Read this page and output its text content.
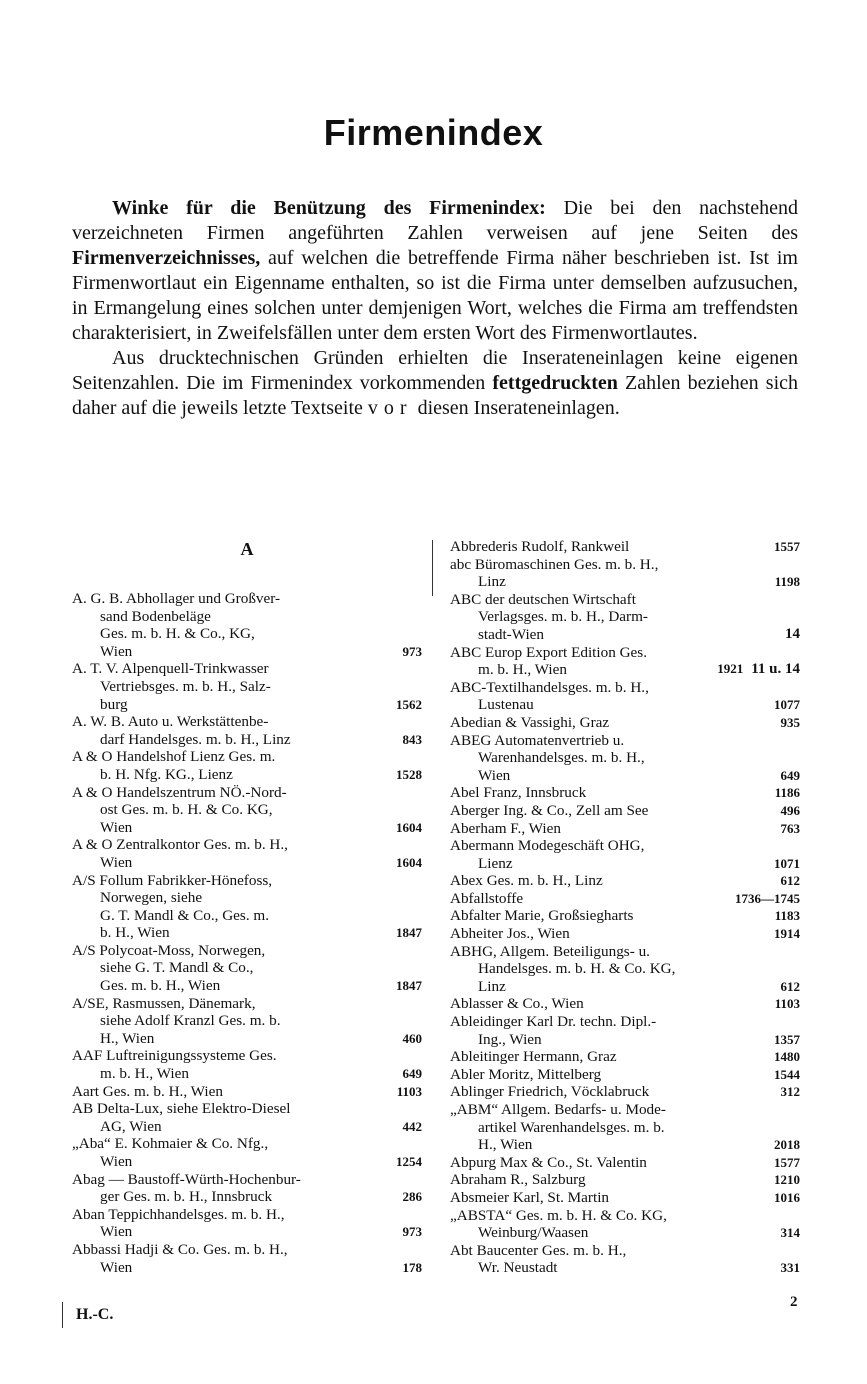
Firmenindex

Winke für die Benützung des Firmenindex: Die bei den nachstehend verzeichneten Firmen angeführten Zahlen verweisen auf jene Seiten des Firmenverzeichnisses, auf welchen die betreffende Firma näher beschrieben ist. Ist im Firmenwortlaut ein Eigenname enthalten, so ist die Firma unter demselben aufzusuchen, in Ermangelung eines solchen unter demjenigen Wort, welches die Firma am treffendsten charakterisiert, in Zweifelsfällen unter dem ersten Wort des Firmenwortlautes.

Aus drucktechnischen Gründen erhielten die Inserateneinlagen keine eigenen Seitenzahlen. Die im Firmenindex vorkommenden fettgedruckten Zahlen beziehen sich daher auf die jeweils letzte Textseite vor diesen Inserateneinlagen.

A
A. G. B. Abhollager und Großver-
sand Bodenbeläge
Ges. m. b. H. & Co., KG,
Wien	973
A. T. V. Alpenquell-Trinkwasser
Vertriebsges. m. b. H., Salz-
burg	1562
A. W. B. Auto u. Werkstättenbe-
darf Handelsges. m. b. H., Linz	843
A & O Handelshof Lienz Ges. m.
b. H. Nfg. KG., Lienz	1528
A & O Handelszentrum NÖ.-Nord-
ost Ges. m. b. H. & Co. KG,
Wien	1604
A & O Zentralkontor Ges. m. b. H.,
Wien	1604
A/S Follum Fabrikker-Hönefoss,
Norwegen, siehe
G. T. Mandl & Co., Ges. m.
b. H., Wien	1847
A/S Polycoat-Moss, Norwegen,
siehe G. T. Mandl & Co.,
Ges. m. b. H., Wien	1847
A/SE, Rasmussen, Dänemark,
siehe Adolf Kranzl Ges. m. b.
H., Wien	460
AAF Luftreinigungssysteme Ges.
m. b. H., Wien	649
Aart Ges. m. b. H., Wien	1103
AB Delta-Lux, siehe Elektro-Diesel
AG, Wien	442
„Aba“ E. Kohmaier & Co. Nfg.,
Wien	1254
Abag — Baustoff-Würth-Hochenbur-
ger Ges. m. b. H., Innsbruck	286
Aban Teppichhandelsges. m. b. H.,
Wien	973
Abbassi Hadji & Co. Ges. m. b. H.,
Wien	178
Abbrederis Rudolf, Rankweil	1557
abc Büromaschinen Ges. m. b. H.,
Linz	1198
ABC der deutschen Wirtschaft
Verlagsges. m. b. H., Darm-
stadt-Wien	14
ABC Europ Export Edition Ges.
m. b. H., Wien	1921 11 u. 14
ABC-Textilhandelsges. m. b. H.,
Lustenau	1077
Abedian & Vassighi, Graz	935
ABEG Automatenvertrieb u.
Warenhandelsges. m. b. H.,
Wien	649
Abel Franz, Innsbruck	1186
Aberger Ing. & Co., Zell am See	496
Aberham F., Wien	763
Abermann Modegeschäft OHG,
Lienz	1071
Abex Ges. m. b. H., Linz	612
Abfallstoffe	1736—1745
Abfalter Marie, Großsiegharts	1183
Abheiter Jos., Wien	1914
ABHG, Allgem. Beteiligungs- u.
Handelsges. m. b. H. & Co. KG,
Linz	612
Ablasser & Co., Wien	1103
Ableidinger Karl Dr. techn. Dipl.-
Ing., Wien	1357
Ableitinger Hermann, Graz	1480
Abler Moritz, Mittelberg	1544
Ablinger Friedrich, Vöcklabruck	312
„ABM“ Allgem. Bedarfs- u. Mode-
artikel Warenhandelsges. m. b.
H., Wien	2018
Abpurg Max & Co., St. Valentin	1577
Abraham R., Salzburg	1210
Absmeier Karl, St. Martin	1016
„ABSTA“ Ges. m. b. H. & Co. KG,
Weinburg/Waasen	314
Abt Baucenter Ges. m. b. H.,
Wr. Neustadt	331
H.-C.
2
